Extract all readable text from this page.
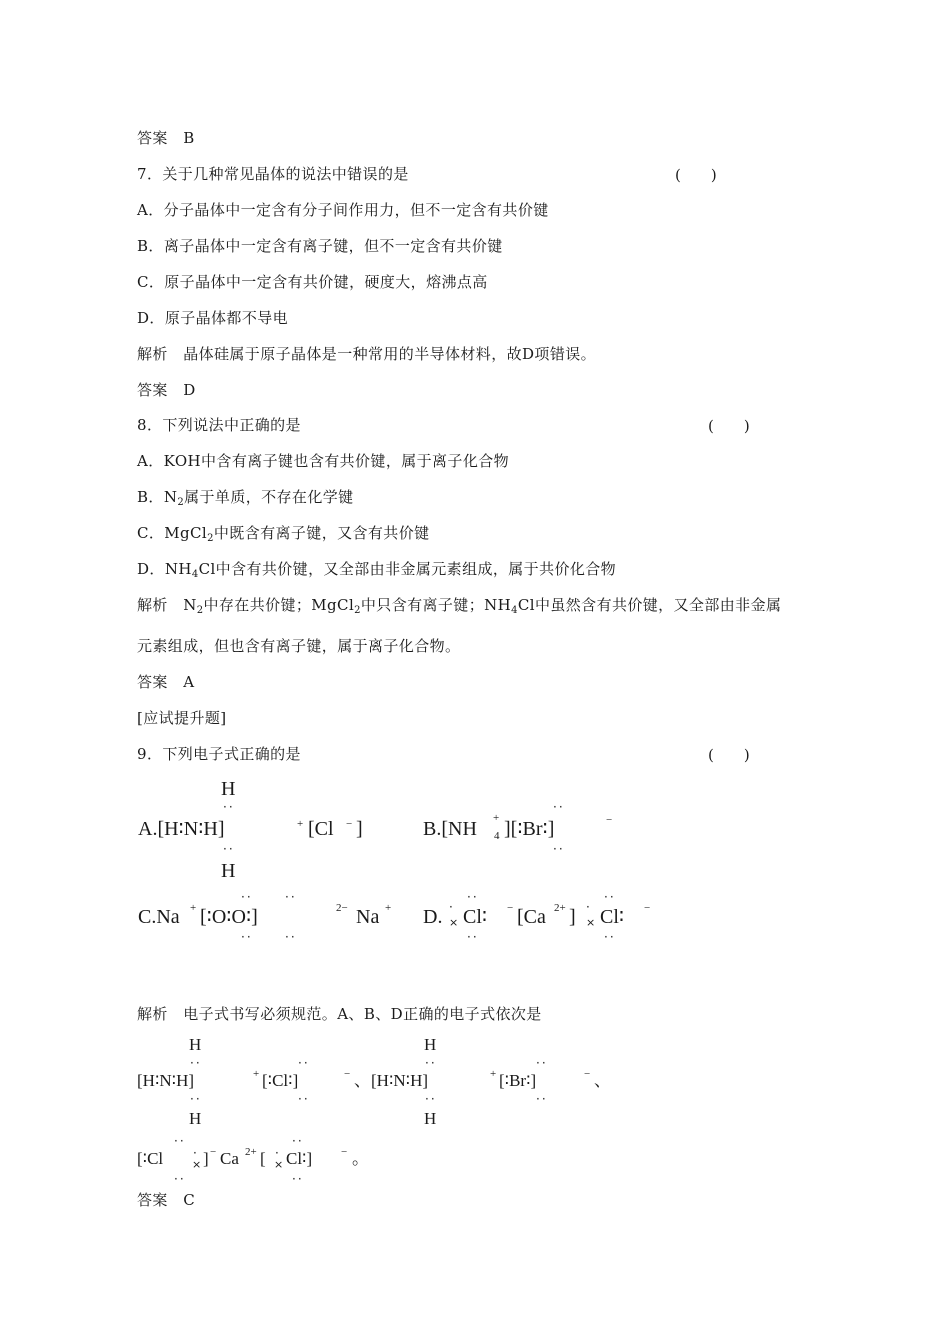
答案　B
7．关于几种常见晶体的说法中错误的是	(　　)
A．分子晶体中一定含有分子间作用力，但不一定含有共价键
B．离子晶体中一定含有离子键，但不一定含有共价键
C．原子晶体中一定含有共价键，硬度大，熔沸点高
D．原子晶体都不导电
解析　晶体硅属于原子晶体是一种常用的半导体材料，故D项错误。
答案　D
8．下列说法中正确的是	(　　)
A．KOH中含有离子键也含有共价键，属于离子化合物
B．$N_2$属于单质，不存在化学键
C．MgCl$_2$中既含有离子键，又含有共价键
D．$NH_4Cl$中含有共价键，又全部由非金属元素组成，属于共价化合物
解析　$N_2$中存在共价键；MgCl$_2$中只含有离子键；$NH_4Cl$中虽然含有共价键，又全部由非金属
元素组成，但也含有离子键，属于离子化合物。
答案　A
[应试提升题]
9．下列电子式正确的是	(　　)
H
··
A.[H∶N∶H]	+ [Cl − ]
··
H
B.[NH +
4 ][∶Br∶]
··
··
−
C.Na + [∶O∶O∶]
··	··
··	··
2− Na + D. ·
× Cl∶
··
··
− [Ca 2+ ] ·
× Cl∶
··
··
−
解析　电子式书写必须规范。A、B、D正确的电子式依次是
H
··
[H∶N∶H]	+ [∶Cl∶]
··
··
− 、[H∶N∶H]
H
··
··
H
+ [∶Br∶]
··
··
− 、
··
H
··
[∶Cl ·
× ]
··
− Ca 2+ [ ·
× Cl∶]
··
··
− 。
答案　C
